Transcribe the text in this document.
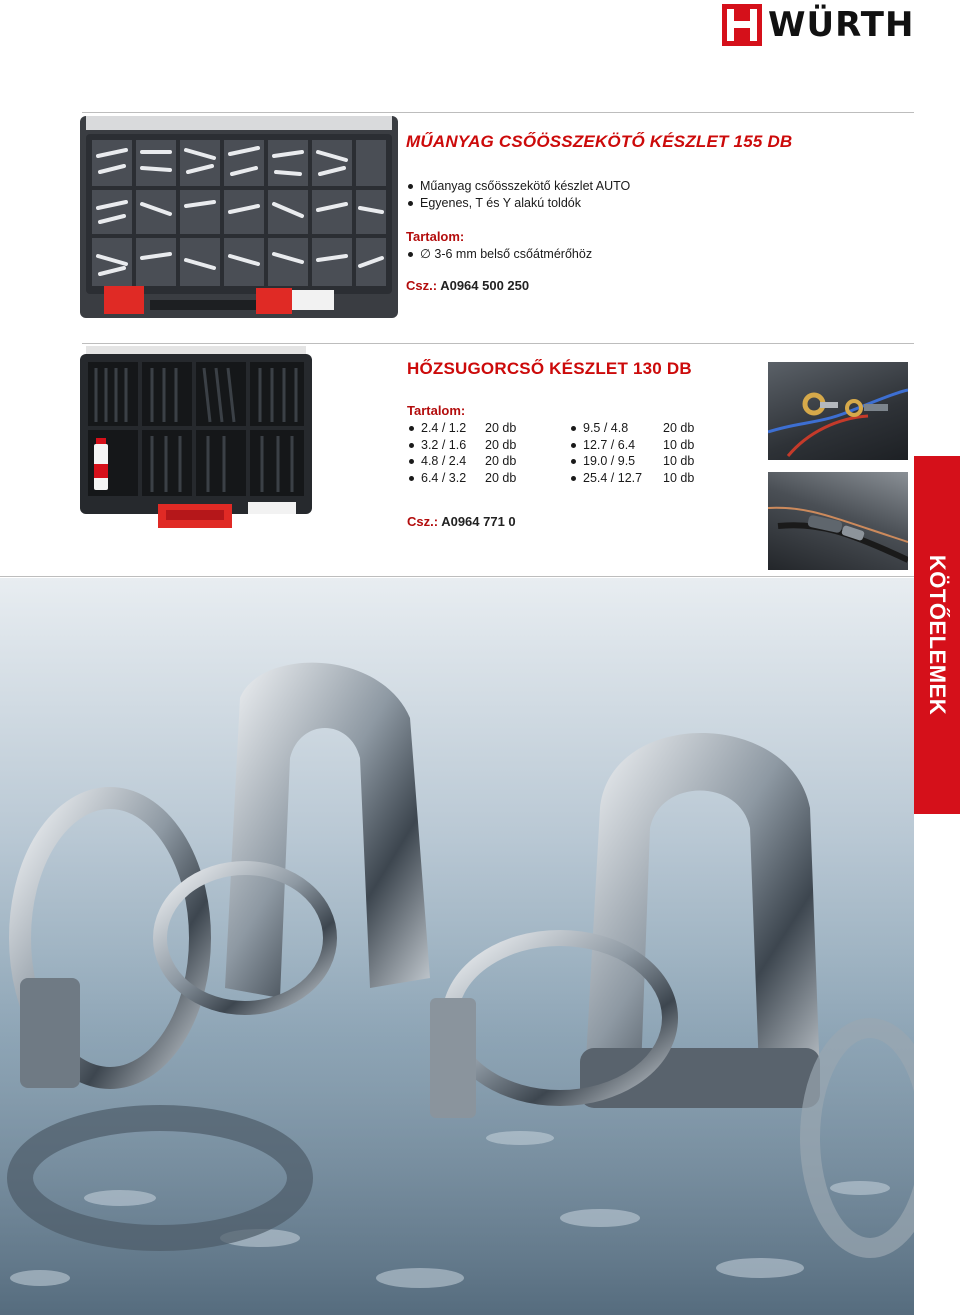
WÜRTH
MŰANYAG CSŐÖSSZEKÖTŐ KÉSZLET 155 DB
Műanyag csőösszekötő készlet AUTO
Egyenes, T és Y alakú toldók
Tartalom:
∅ 3-6 mm belső csőátmérőhöz
Csz.: A0964 500 250
HŐZSUGORCSŐ KÉSZLET 130 DB
Tartalom:
2.4 / 1.2 20 db
3.2 / 1.6 20 db
4.8 / 2.4 20 db
6.4 / 3.2 20 db
9.5 / 4.8	20 db
12.7 / 6.4 10 db
19.0 / 9.5 10 db
25.4 / 12.7 10 db
Csz.: A0964 771 0
KÖTŐELEMEK
